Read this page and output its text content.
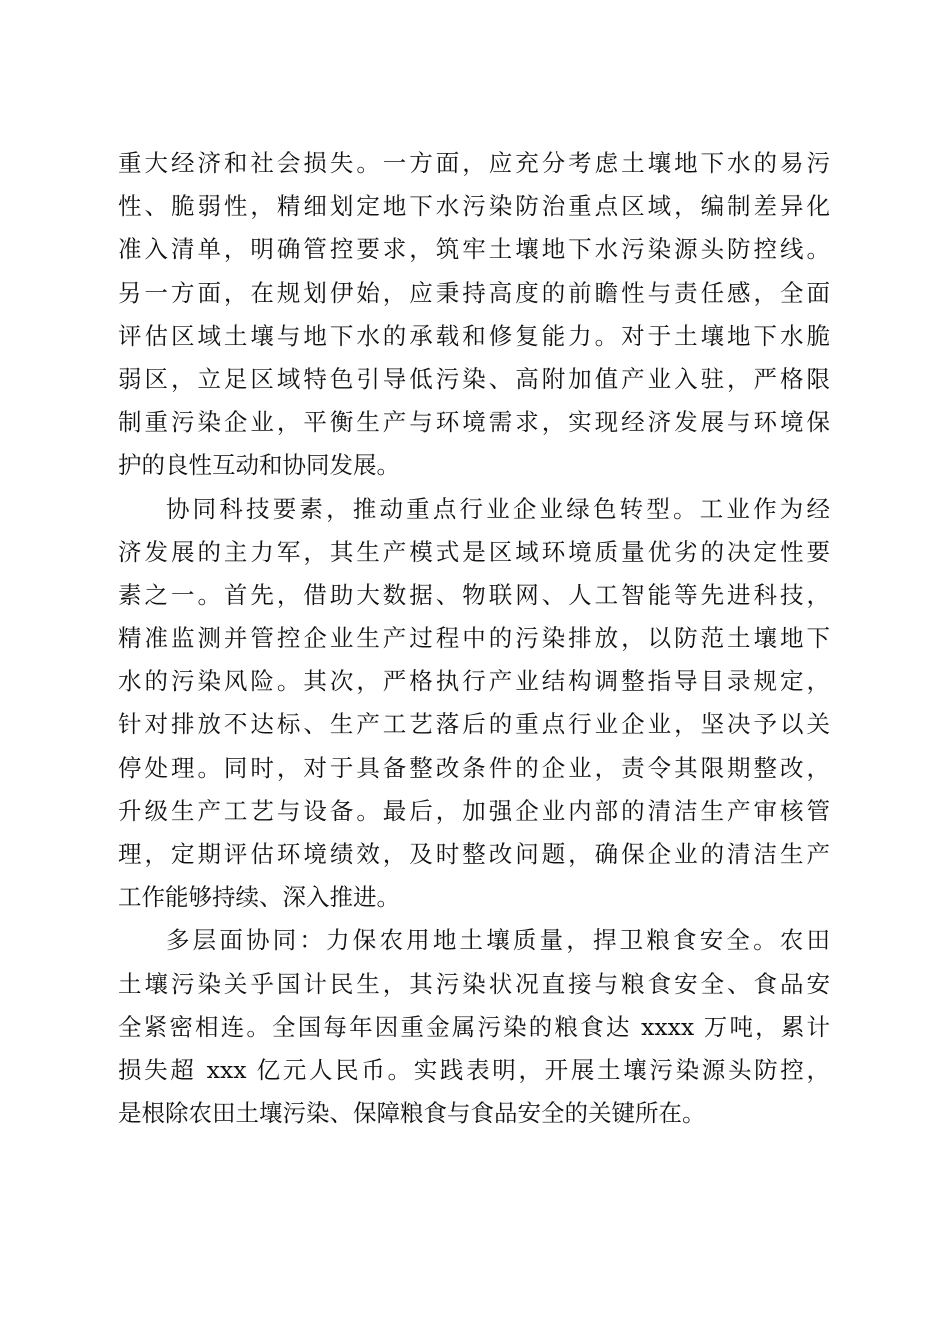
重大经济和社会损失。一方面，应充分考虑土壤地下水的易污
性、脆弱性，精细划定地下水污染防治重点区域，编制差异化
准入清单，明确管控要求，筑牢土壤地下水污染源头防控线。
另一方面，在规划伊始，应秉持高度的前瞻性与责任感，全面
评估区域土壤与地下水的承载和修复能力。对于土壤地下水脆
弱区，立足区域特色引导低污染、高附加值产业入驻，严格限
制重污染企业，平衡生产与环境需求，实现经济发展与环境保
护的良性互动和协同发展。
协同科技要素，推动重点行业企业绿色转型。工业作为经
济发展的主力军，其生产模式是区域环境质量优劣的决定性要
素之一。首先，借助大数据、物联网、人工智能等先进科技，
精准监测并管控企业生产过程中的污染排放，以防范土壤地下
水的污染风险。其次，严格执行产业结构调整指导目录规定，
针对排放不达标、生产工艺落后的重点行业企业，坚决予以关
停处理。同时，对于具备整改条件的企业，责令其限期整改，
升级生产工艺与设备。最后，加强企业内部的清洁生产审核管
理，定期评估环境绩效，及时整改问题，确保企业的清洁生产
工作能够持续、深入推进。
多层面协同：力保农用地土壤质量，捍卫粮食安全。农田
土壤污染关乎国计民生，其污染状况直接与粮食安全、食品安
全紧密相连。全国每年因重金属污染的粮食达 xxxx 万吨，累计
损失超 xxx 亿元人民币。实践表明，开展土壤污染源头防控，
是根除农田土壤污染、保障粮食与食品安全的关键所在。
